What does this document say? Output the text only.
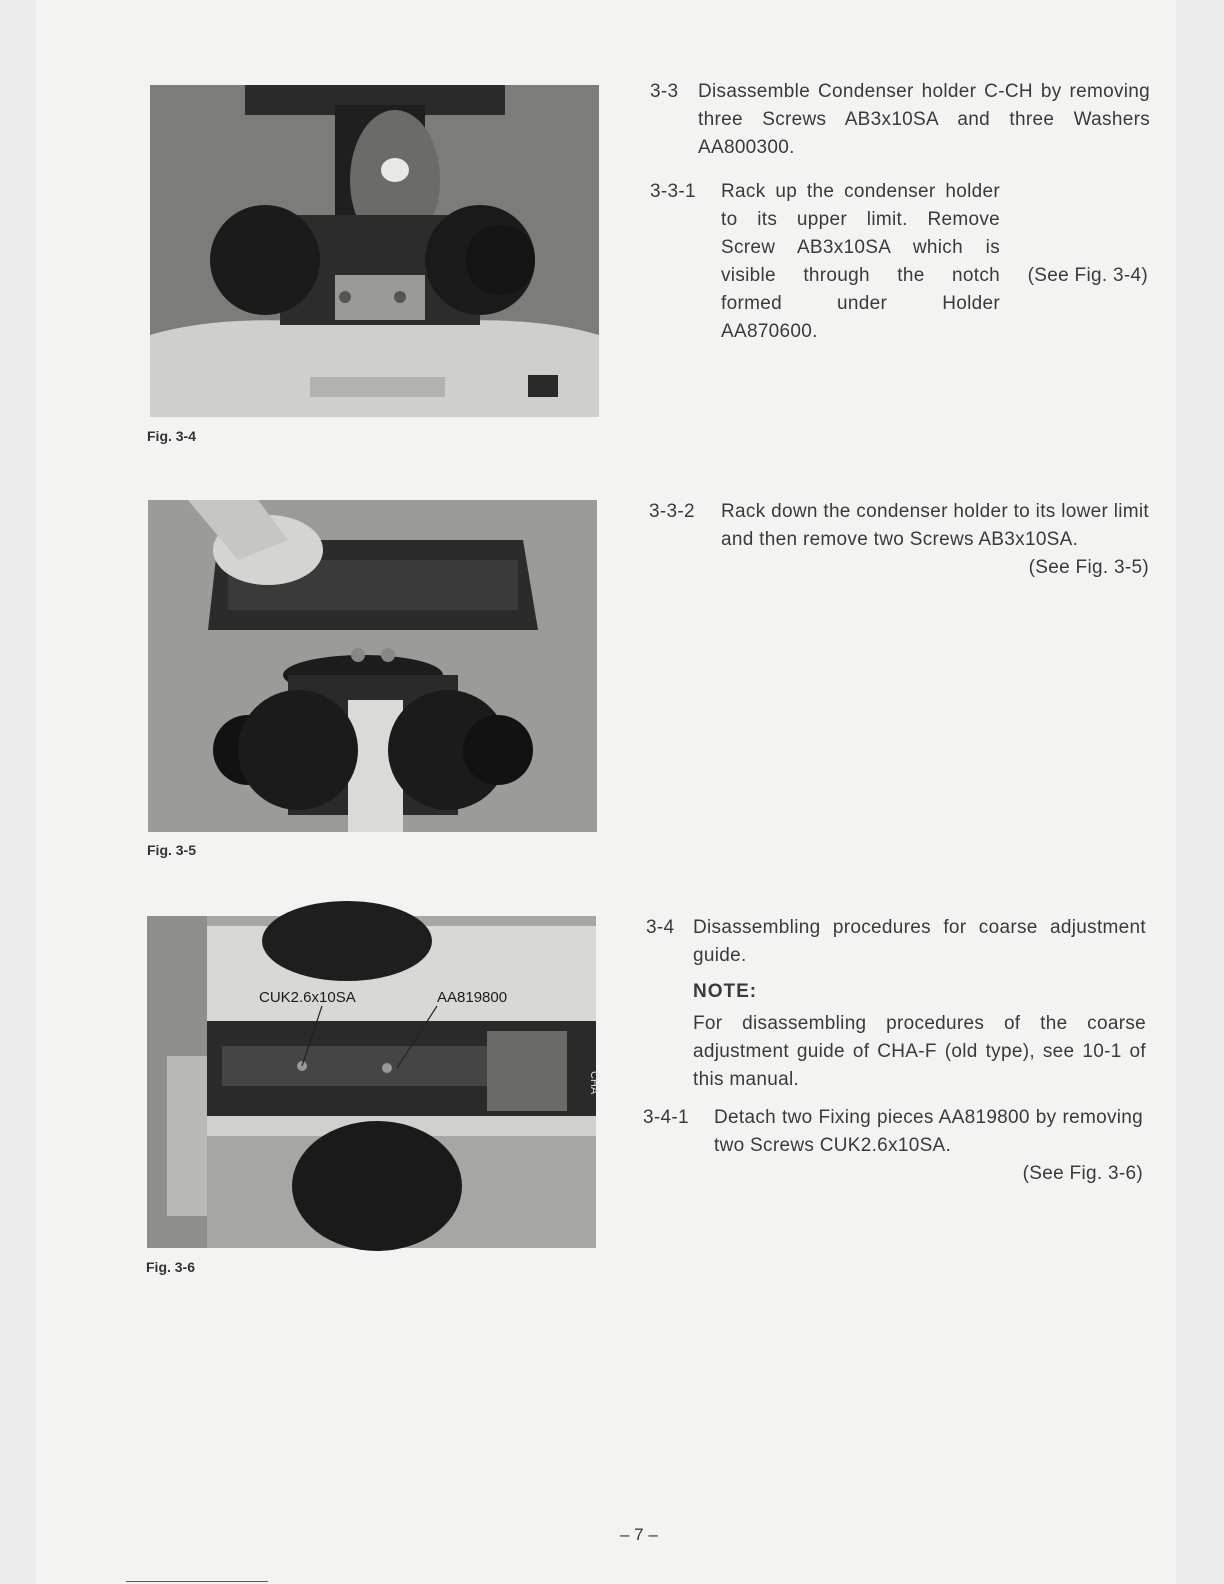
Fig. 3-4
Fig. 3-5
CUK2.6x10SA	AA819800
CHA
Fig. 3-6
3-3 Disassemble Condenser holder C-CH by removing three Screws AB3x10SA and three Washers AA800300.
3-3-1 Rack up the condenser holder to its upper limit. Remove Screw AB3x10SA which is visible through the notch formed under Holder AA870600.
(See Fig. 3-4)
3-3-2 Rack down the condenser holder to its lower limit and then remove two Screws AB3x10SA.
(See Fig. 3-5)
3-4 Disassembling procedures for coarse adjustment guide.
NOTE:
For disassembling procedures of the coarse adjustment guide of CHA-F (old type), see 10-1 of this manual.
3-4-1 Detach two Fixing pieces AA819800 by removing two Screws CUK2.6x10SA.
(See Fig. 3-6)
– 7 –
